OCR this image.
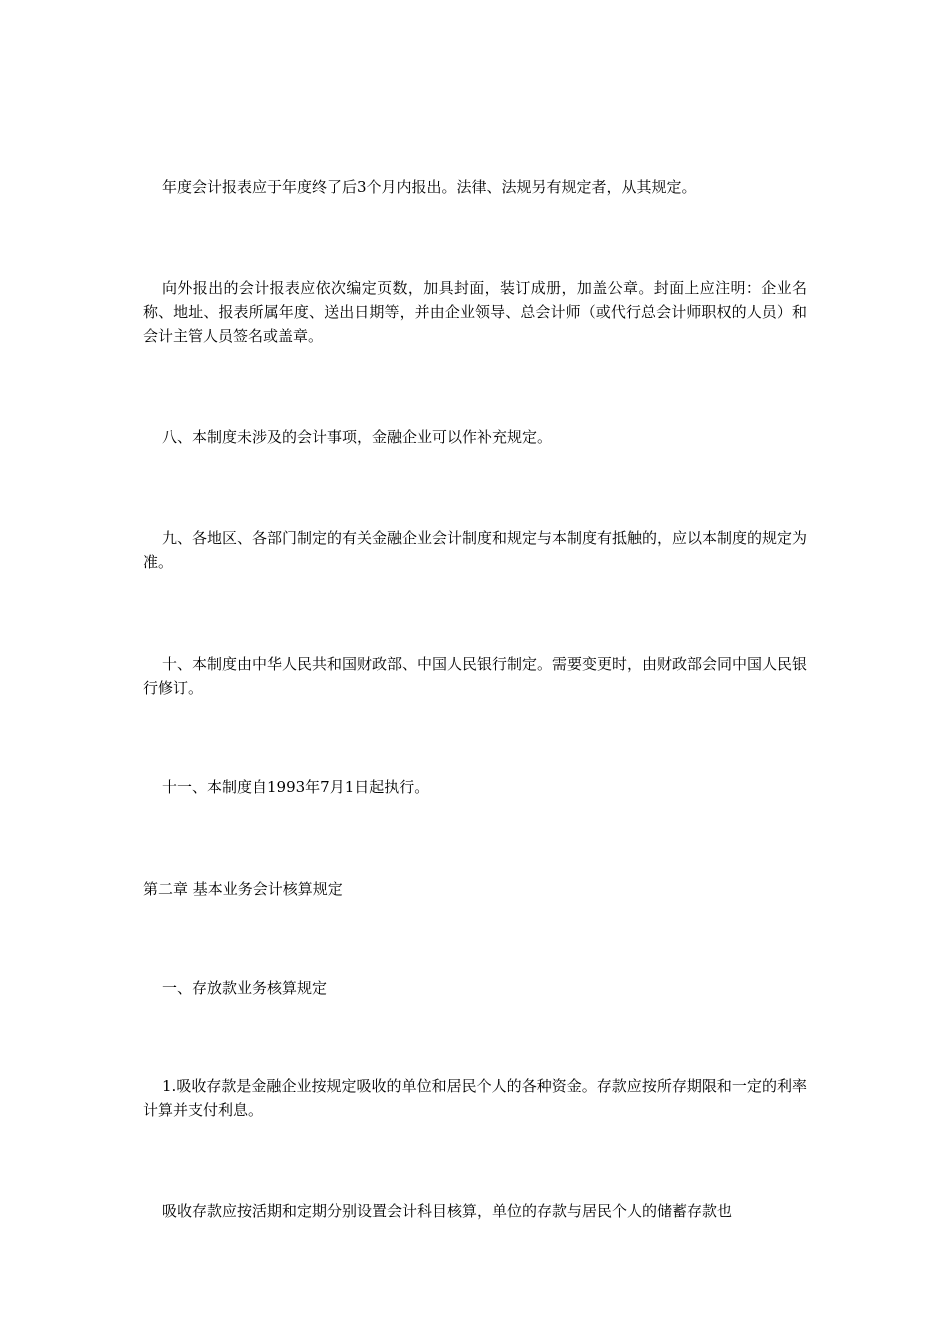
年度会计报表应于年度终了后3个月内报出。法律、法规另有规定者，从其规定。

向外报出的会计报表应依次编定页数，加具封面，装订成册，加盖公章。封面上应注明：企业名称、地址、报表所属年度、送出日期等，并由企业领导、总会计师（或代行总会计师职权的人员）和会计主管人员签名或盖章。

八、本制度未涉及的会计事项，金融企业可以作补充规定。

九、各地区、各部门制定的有关金融企业会计制度和规定与本制度有抵触的，应以本制度的规定为准。

十、本制度由中华人民共和国财政部、中国人民银行制定。需要变更时，由财政部会同中国人民银行修订。

十一、本制度自1993年7月1日起执行。

第二章 基本业务会计核算规定

一、存放款业务核算规定

1.吸收存款是金融企业按规定吸收的单位和居民个人的各种资金。存款应按所存期限和一定的利率计算并支付利息。

吸收存款应按活期和定期分别设置会计科目核算，单位的存款与居民个人的储蓄存款也
